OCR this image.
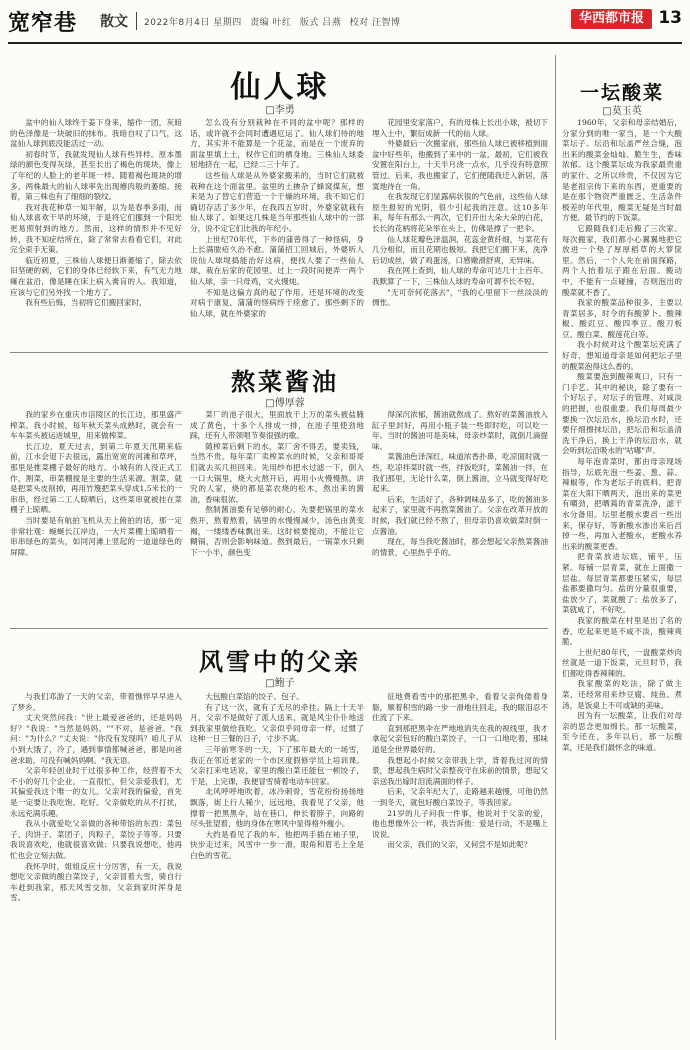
宽窄巷 散文 2022年8月4日 星期四 责编 叶红 版式 吕燕 校对 汪智博	华西都市报 13
仙人球
□李勇

盆中的仙人球终于姜下身来，缩作一团，灰暗的色泽像是一块破旧的抹布。我暗自叹了口气，这盆仙人球到底没能活过一动。

初春时节，我就发现仙人球有些异样。原本墨绿的颜色变得灰绿，甚至长出了褐色的斑块，像上了年纪的人脸上的老年斑一样。随着褐色斑块的增多，两株最大的仙人球率先出现瘪肉般的萎缩。接着，第三株也有了细细的裂纹。

我对我花种草一知半解，以为是春季多雨，而仙人球喜欢干旱的环境，于是将它们挪到一个阳光更易照射到的地方。然而，这样的情形并不见好转，我不知症结所在，除了常常去看看它们，对此完全束手无策。

临近初夏，三株仙人球便日渐萎缩了，除去依旧坚硬的刺，它们的身体已经软下来，有气无力地瘫在盆沿，像是睡在床上病入膏肓的人。我知道，应该与它们另外找一个地方了。

我有些后悔，当初将它们搬回家时，

怎么没有分别栽种在不同的盆中呢？那样的话，或许就不会同时遭遇厄运了。仙人球们待的地方，其实并不能算是一个花盆，而是在一个废弃的面盆里填上土，权作它们的栖身地。三株仙人球委屈地挤在一起，已经二三十年了。

这些仙人球是从外婆家搬来的，当时它们就被栽种在这个面盆里。盆里的土掺杂了蜂窝煤灰，想来是为了替它们营造一个干燥的环境。我不知它们确切存活了多少年，在我四五岁时，外婆家就栽有仙人球了。如果这几株是当年那些仙人球中的一部分，说不定它们比我的年纪小。

上世纪70年代，下乡的蒲曾得了一种怪病，身上长满脓疮久治不愈。蒲蒲招工回城后，外婆听人说仙人球堤捣能治好这病，便找人要了一些仙人球，栽在后家的花园里。过上一段时间便弄一两个仙人球，亲一只母鸡，文火慢炖。

不知是这偏方真的起了作用，还是环境的改变对病于康复，蒲蒲的怪病终于痊愈了。那些剩下的仙人球，就在外婆家的

花园里安家落户，有的母株上长出小球，被切下埋入土中，繁衍成新一代的仙人球。

外婆最后一次搬家前，那些仙人球已被移植到面盆中好些年，他搬到了来中的一盆，最初，它们被我安置在阳台上，十天半月浇一点水，几乎没有特意照管过。后来，我也搬家了，它们便随我迁入新居，落寞地待在一角。

在我发现它们显露病状很的气色前，这些仙人球原生报短的光阴，很少引起我的注意。这10多年来，每年有那么一两次，它们开出大朵大朵的白花，长长的花柄将花朵举在头上，仿佛是撑了一把伞。

仙人球花瓣色泽温润，花蕊金黄纤细，与菜花有几分相似，而且花期也极短。我把它们搬下来，洗净后切成丝，做了鸡蛋汤，口感嫩滑舒爽，无异味。

我在网上查到，仙人球的寿命可达几十上百年。我默算了一下，三株仙人球的寿命可谓不长不短。

"无可奈何花落去"，"我的心里留下一丝淡淡的惆怅。

一坛酸菜
□莫玉英

1960年，父亲和母亲结婚后，分家分到的唯一家当，是一个大酸菜坛子。坛沿和坛盖严丝合缝，泡出来的酸菜金灿灿、脆生生，香味浓郁。这个酸菜坛成为我家最贵重的家什。之所以珍贵，不仅因为它是老祖宗传下来的东西，更重要的是在那个物资严重匮乏、生活条件极差的年代里，酸菜无疑是当时最方便、最节约的下饭菜。

它跟随我们走后搬了三次家。每次搬家，我们都小心翼翼地把它放进一个垫了厚厚稻草的大箩筐里。然后，一个人先在前面探路，两个人抬着坛子跟在后面。搬动中，不能有一点碰撞，否则泡出的酸菜就不香了。

我家的酸菜品种很多，主要以青菜居多，时令的有酸萝卜、酸辣椒、酸豇豆、酸四季豆、酸刀板豆、酸白菜、酸莲花白等。

我小时候对这个酸菜坛充满了好奇，想知道母亲是如何把坛子里的酸菜泡得这么香的。

酸菜要泡到酸辣爽口，只有一门手艺。其中的秘诀，除了要有一个好坛子，对坛子的管理、对咸淡的把握，也很重要。我们每周最少要换一次坛沿水，换坛沿水时，还要仔细擦抹坛沿，把坛沿和坛盖清洗干净后，换上干净的坛沿水，就会听到坛沿吸水的"咕嘟"声。

每年泡青菜时，都由母亲现场指导，坛底先泡一些姜、葱、蒜、辣椒等，作为老坛子的底料。把青菜在大阳下晒两天，泡出来的菜更有嚼劲，把晒蔫的青菜洗净，滤干水分备用。坛里老酸水要舀一些出来，保存好，等新酸水渗出来后舀掉一些，再加入老酸水，老酸水养出来的酸菜更香。

把青菜放进坛底，铺平，压紧。每铺一层青菜，就在上面撒一层盐。每层青菜都要压紧实，每层盐都要撒均匀。盐的分量很重要，盐放少了，菜就酸了；盐放多了，菜就咸了，不好吃。

我家的酸菜在村里是出了名的香，吃起来更是不咸不淡，酸辣爽脆。

上世纪80年代，一盘酸菜炒肉丝就是一道下饭菜，元旦时节，我们都吃得香辣辣的。

我家酸菜的吃法，除了做主菜，还经常用来炒豆腐、炖鱼、煮汤，是饭桌上不可或缺的美味。

因为有一坛酸菜，让我们对母亲的思念更加绵长。那一坛酸菜，至今还在，多年以后，那一坛酸菜，还是我们最怀念的味道。

熬菜酱油
□傅厚蓉

我的家乡在重庆市涪陵区的长江边，那里盛产榨菜。我小时候，每年秋天菜头成熟时，就会有一车车菜头被运进城里，用来做榨菜。

长江边，夏天过去，到第二年夏天汛期来临前，江水会退下去很远，露出宽宽的河滩和草坪，那里是推菜棚子最好的地方。小城有的人没正式工作，割菜，串菜棚搅是主要的生活来源。割菜，就是把菜头皮削掉，再用竹篾把菜头穿成1.5米长的一串串，经过第二工人晾晒后，这些菜串就被挂在菜棚子上晾晒。

当时要是有航拍飞机从天上俯拍的话，那一定非常壮观：蜿蜒长江岸边，一大片菜棚上晾晒着一串串绿色的菜头，如同河滩上竖起的一道道绿色的屏障。

菜厂的池子很大，里面放干上万的菜头被盐腌成了黄色，十多个人排成一排，在池子里使劲地踩，还有人带领唱节奏很强的歌。

随榨菜后剩下的水，菜厂舍不得丢，要卖钱，当然不贵。每年菜厂卖榨菜水的时候，父亲和哥哥们就去买几担回来。先用纱布把水过滤一下，倒入一口大锅里，烧大火熬开后，再用小火慢慢熬。讲究的人家，烧的都是菜农烧的松木，熬出来的酱油，香味很浓。

熬制酱油要有足够的耐心。先要把锅里的菜水熬开，熬着熬着，锅里的水慢慢减少，汤色由黄变褐，一缕缕香味飘出来。这时候要搅动，不能让它糊锅，否则会影响味道。熬到最后，一锅菜水只剩下一小半，颜色变

得深沉浓郁，酱油就熬成了。熬好的菜酱油放入缸子里封好，再用小瓶子装一些即时吃，可以吃一年。当时的酱油可是美味，母亲炒菜时，就倒几滴提味。

菜酱油色泽深红，味道浓香扑鼻，吃凉面时就一些，吃凉拌菜时就一些，拌饭吃时，菜酱油一拌，在我们那里，无论什么菜，倒上酱油，立马就变得好吃起来。

后来，生活好了，各种调味品多了，吃的酱油多起来了，家里就不再熬菜酱油了。父亲在改革开放的时候，我们就已经不熬了，但母亲仍喜欢做菜时倒一点酱油。

现在，每当我吃酱油时，都会想起父亲熬菜酱油的情景，心里热乎乎的。

风雪中的父亲
□鲍子

与我们邓游了一天的父亲，带着憔悴早早进入了梦乡。

丈夫突然问我："世上最爱爸爸的，还是妈妈好？"我说："当然是妈妈。""不对，是爸爸。"我问："为什么？"丈夫说："你没有发现吗？咱儿子从小到大饿了，冷了，遇到事情都喊爸爸，都是向爸爸求助，可没有喊妈妈啊。"我无语。

父亲年轻创业时干过很多种工作，经营着不大不小的好几个企业，一直很忙，但父亲爱我们，尤其偏爱我这个唯一的女儿。父亲对我的偏爱，首先是一定要让我吃饱、吃好。父亲做吃的从不打扰，永远充满乐趣。

我从小就爱吃父亲做的各种带馅的东西：菜包子、肉饼子、菜团子，肉粽子，菜饺子等等。只要我说喜欢吃，他就很喜欢做；只要我说想吃，他再忙也会立刻去做。

我怀孕时，姐姐反应十分厉害，有一天，我说想吃父亲做的酸白菜饺子，父亲冒着大雪，骑自行车赶到我家，那天风雪交加，父亲到家时浑身是雪。

大包酸白菜馅的饺子、包子。

有了这一次，就有了无尽的牵挂。隔上十天半月，父亲不是做好了派人送来，就是风尘仆仆地送到我家里做给我吃。父亲似乎同母亲一样，过惯了这种一日三餐的日子，寸步不离。

三年前寒冬的一天，下了那年最大的一场雪，我正在邻近老家的一个市区度假修学员上培训课。父亲打来电话说，家里的酸白菜还能包一顿饺子，于是，上完课，我便冒雪骑着电动车回家。

北风呼呼地吹着，冰冷刺骨，雪花纷纷扬扬地飘落，街上行人稀少，远远地，我看见了父亲，他撑着一把黑黑伞，站在巷口，伸长着脖子，向路的尽头张望着，他的身体在寒风中显得格外瘦小。

大约是看见了我的车，他把两手插在袖子里，快步走过来，风雪中一步一滑，眼角和眉毛上全是白色的雪花。

征地费看雪中的那把黑伞，看着父亲佝偻着身躯，顺着积雪的路一步一滑地往回走，我的眼泪忍不住流了下来。

直到那把黑伞在严地地消失在我的视线里，我才拿起父亲包好的酸白菜饺子，一口一口地吃着，那味道是全世界最好的。

我想起小时候父亲带我上学，背着我过河的情景，想起我生病时父亲整夜守在床前的情景，想起父亲送我出嫁时泪流满面的样子。

后来，父亲年纪大了，走路越来越慢，可他仍然一到冬天，就包好酸白菜饺子，等我回家。

21岁的儿子问我一件事，他说对于父亲的爱，他也想像外公一样，我告诉他：爱是行动，不是嘴上说说。

而父亲，我们的父亲，又何尝不是如此呢？
